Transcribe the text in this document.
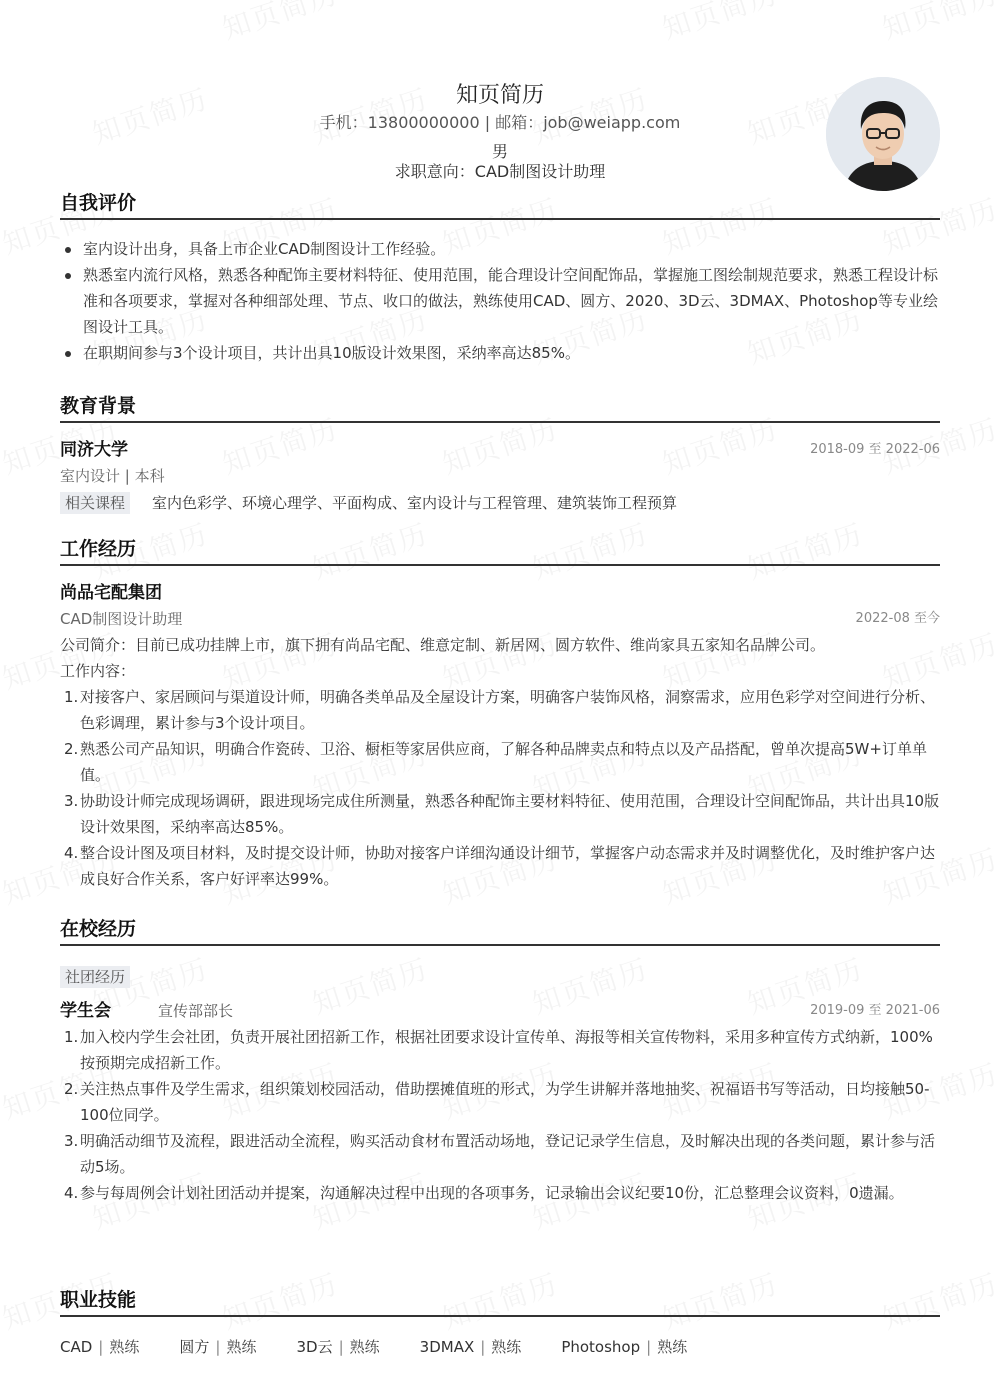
知页简历
手机：13800000000 | 邮箱：job@weiapp.com
男
求职意向：CAD制图设计助理
自我评价
室内设计出身，具备上市企业CAD制图设计工作经验。
熟悉室内流行风格，熟悉各种配饰主要材料特征、使用范围，能合理设计空间配饰品，掌握施工图绘制规范要求，熟悉工程设计标准和各项要求，掌握对各种细部处理、节点、收口的做法，熟练使用CAD、圆方、2020、3D云、3DMAX、Photoshop等专业绘图设计工具。
在职期间参与3个设计项目，共计出具10版设计效果图，采纳率高达85%。
教育背景
同济大学	2018-09 至 2022-06
室内设计 | 本科
相关课程 室内色彩学、环境心理学、平面构成、室内设计与工程管理、建筑装饰工程预算
工作经历
尚品宅配集团
CAD制图设计助理	2022-08 至今
公司简介：目前已成功挂牌上市，旗下拥有尚品宅配、维意定制、新居网、圆方软件、维尚家具五家知名品牌公司。
工作内容：
1. 对接客户、家居顾问与渠道设计师，明确各类单品及全屋设计方案，明确客户装饰风格，洞察需求，应用色彩学对空间进行分析、色彩调理，累计参与3个设计项目。
2. 熟悉公司产品知识，明确合作瓷砖、卫浴、橱柜等家居供应商，了解各种品牌卖点和特点以及产品搭配，曾单次提高5W+订单单值。
3. 协助设计师完成现场调研，跟进现场完成住所测量，熟悉各种配饰主要材料特征、使用范围，合理设计空间配饰品，共计出具10版设计效果图，采纳率高达85%。
4. 整合设计图及项目材料，及时提交设计师，协助对接客户详细沟通设计细节，掌握客户动态需求并及时调整优化，及时维护客户达成良好合作关系，客户好评率达99%。
在校经历
社团经历
学生会	宣传部部长	2019-09 至 2021-06
1. 加入校内学生会社团，负责开展社团招新工作，根据社团要求设计宣传单、海报等相关宣传物料，采用多种宣传方式纳新，100%按预期完成招新工作。
2. 关注热点事件及学生需求，组织策划校园活动，借助摆摊值班的形式，为学生讲解并落地抽奖、祝福语书写等活动，日均接触50-100位同学。
3. 明确活动细节及流程，跟进活动全流程，购买活动食材布置活动场地，登记记录学生信息，及时解决出现的各类问题，累计参与活动5场。
4. 参与每周例会计划社团活动并提案，沟通解决过程中出现的各项事务，记录输出会议纪要10份，汇总整理会议资料，0遗漏。
职业技能
CAD | 熟练	圆方 | 熟练	3D云 | 熟练	3DMAX | 熟练	Photoshop | 熟练
